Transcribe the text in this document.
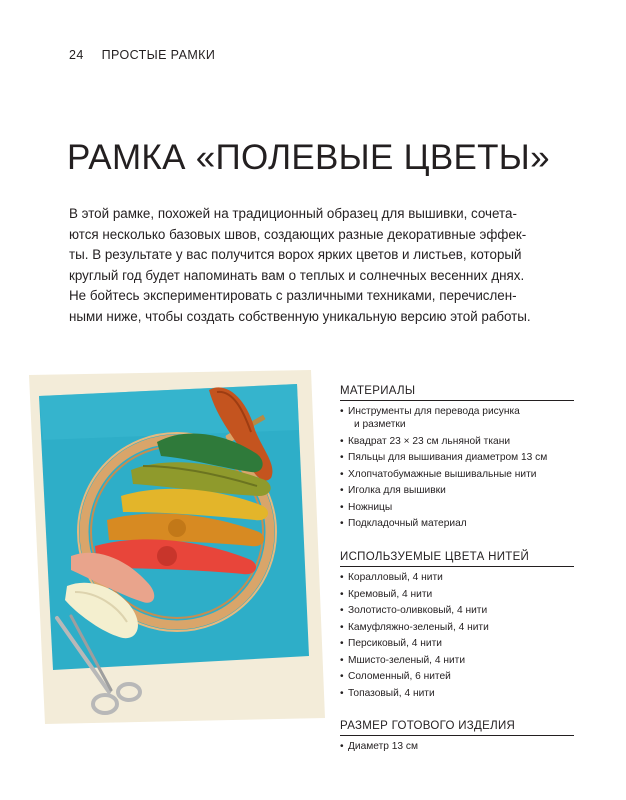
24 ПРОСТЫЕ РАМКИ
РАМКА «ПОЛЕВЫЕ ЦВЕТЫ»

В этой рамке, похожей на традиционный образец для вышивки, сочета-
ются несколько базовых швов, создающих разные декоративные эффек-
ты. В результате у вас получится ворох ярких цветов и листьев, который
круглый год будет напоминать вам о теплых и солнечных весенних днях.
Не бойтесь экспериментировать с различными техниками, перечислен-
ными ниже, чтобы создать собственную уникальную версию этой работы.

МАТЕРИАЛЫ
• Инструменты для перевода рисунка
и разметки
• Квадрат 23 × 23 см льняной ткани
• Пяльцы для вышивания диаметром 13 см
• Хлопчатобумажные вышивальные нити
• Иголка для вышивки
• Ножницы
• Подкладочный материал
ИСПОЛЬЗУЕМЫЕ ЦВЕТА НИТЕЙ
• Коралловый, 4 нити
• Кремовый, 4 нити
• Золотисто-оливковый, 4 нити
• Камуфляжно-зеленый, 4 нити
• Персиковый, 4 нити
• Мшисто-зеленый, 4 нити
• Соломенный, 6 нитей
• Топазовый, 4 нити
РАЗМЕР ГОТОВОГО ИЗДЕЛИЯ
• Диаметр 13 см
